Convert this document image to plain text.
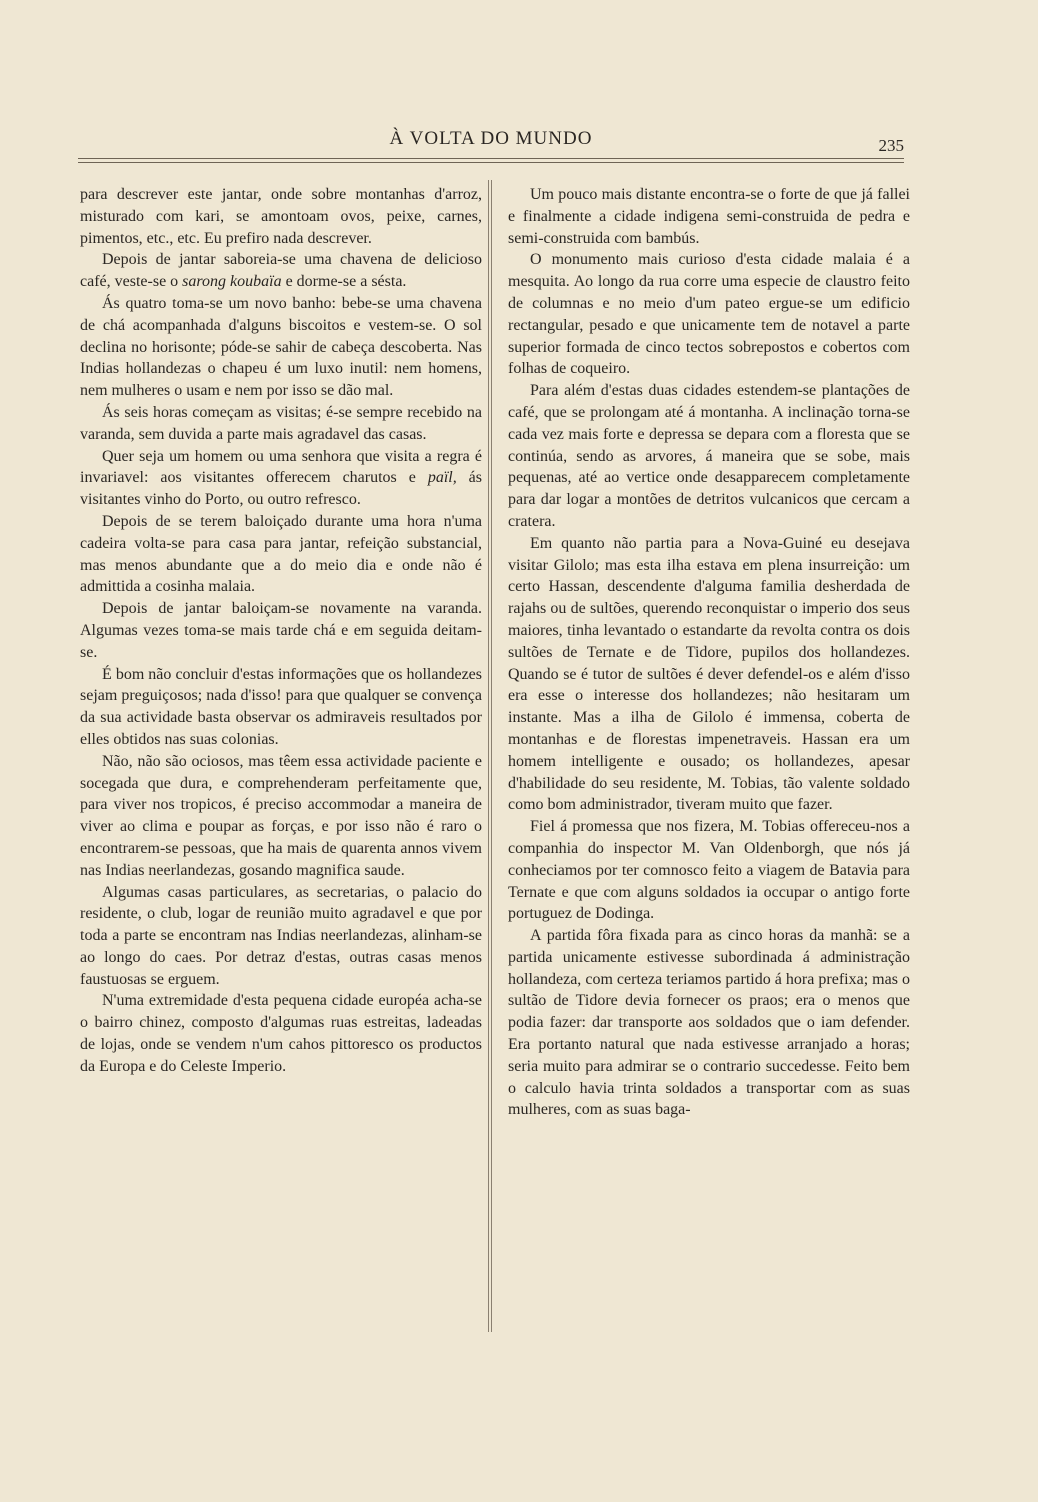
À VOLTA DO MUNDO	235

para descrever este jantar, onde sobre montanhas d'arroz, misturado com kari, se amontoam ovos, peixe, carnes, pimentos, etc., etc. Eu prefiro nada descrever.

Depois de jantar saboreia-se uma chavena de delicioso café, veste-se o sarong koubaïa e dorme-se a sésta.

Ás quatro toma-se um novo banho: bebe-se uma chavena de chá acompanhada d'alguns biscoitos e vestem-se. O sol declina no horisonte; póde-se sahir de cabeça descoberta. Nas Indias hollandezas o chapeu é um luxo inutil: nem homens, nem mulheres o usam e nem por isso se dão mal.

Ás seis horas começam as visitas; é-se sempre recebido na varanda, sem duvida a parte mais agradavel das casas.

Quer seja um homem ou uma senhora que visita a regra é invariavel: aos visitantes offerecem charutos e païl, ás visitantes vinho do Porto, ou outro refresco.

Depois de se terem baloiçado durante uma hora n'uma cadeira volta-se para casa para jantar, refeição substancial, mas menos abundante que a do meio dia e onde não é admittida a cosinha malaia.

Depois de jantar baloiçam-se novamente na varanda. Algumas vezes toma-se mais tarde chá e em seguida deitam-se.

É bom não concluir d'estas informações que os hollandezes sejam preguiçosos; nada d'isso! para que qualquer se convença da sua actividade basta observar os admiraveis resultados por elles obtidos nas suas colonias.

Não, não são ociosos, mas têem essa actividade paciente e socegada que dura, e comprehenderam perfeitamente que, para viver nos tropicos, é preciso accommodar a maneira de viver ao clima e poupar as forças, e por isso não é raro o encontrarem-se pessoas, que ha mais de quarenta annos vivem nas Indias neerlandezas, gosando magnifica saude.

Algumas casas particulares, as secretarias, o palacio do residente, o club, logar de reunião muito agradavel e que por toda a parte se encontram nas Indias neerlandezas, alinham-se ao longo do caes. Por detraz d'estas, outras casas menos faustuosas se erguem.

N'uma extremidade d'esta pequena cidade européa acha-se o bairro chinez, composto d'algumas ruas estreitas, ladeadas de lojas, onde se vendem n'um cahos pittoresco os productos da Europa e do Celeste Imperio.

Um pouco mais distante encontra-se o forte de que já fallei e finalmente a cidade indigena semi-construida de pedra e semi-construida com bambús.

O monumento mais curioso d'esta cidade malaia é a mesquita. Ao longo da rua corre uma especie de claustro feito de columnas e no meio d'um pateo ergue-se um edificio rectangular, pesado e que unicamente tem de notavel a parte superior formada de cinco tectos sobrepostos e cobertos com folhas de coqueiro.

Para além d'estas duas cidades estendem-se plantações de café, que se prolongam até á montanha. A inclinação torna-se cada vez mais forte e depressa se depara com a floresta que se continúa, sendo as arvores, á maneira que se sobe, mais pequenas, até ao vertice onde desapparecem completamente para dar logar a montões de detritos vulcanicos que cercam a cratera.

Em quanto não partia para a Nova-Guiné eu desejava visitar Gilolo; mas esta ilha estava em plena insurreição: um certo Hassan, descendente d'alguma familia desherdada de rajahs ou de sultões, querendo reconquistar o imperio dos seus maiores, tinha levantado o estandarte da revolta contra os dois sultões de Ternate e de Tidore, pupilos dos hollandezes. Quando se é tutor de sultões é dever defendel-os e além d'isso era esse o interesse dos hollandezes; não hesitaram um instante. Mas a ilha de Gilolo é immensa, coberta de montanhas e de florestas impenetraveis. Hassan era um homem intelligente e ousado; os hollandezes, apesar d'habilidade do seu residente, M. Tobias, tão valente soldado como bom administrador, tiveram muito que fazer.

Fiel á promessa que nos fizera, M. Tobias offereceu-nos a companhia do inspector M. Van Oldenborgh, que nós já conheciamos por ter comnosco feito a viagem de Batavia para Ternate e que com alguns soldados ia occupar o antigo forte portuguez de Dodinga.

A partida fôra fixada para as cinco horas da manhã: se a partida unicamente estivesse subordinada á administração hollandeza, com certeza teriamos partido á hora prefixa; mas o sultão de Tidore devia fornecer os praos; era o menos que podia fazer: dar transporte aos soldados que o iam defender. Era portanto natural que nada estivesse arranjado a horas; seria muito para admirar se o contrario succedesse. Feito bem o calculo havia trinta soldados a transportar com as suas mulheres, com as suas baga-
